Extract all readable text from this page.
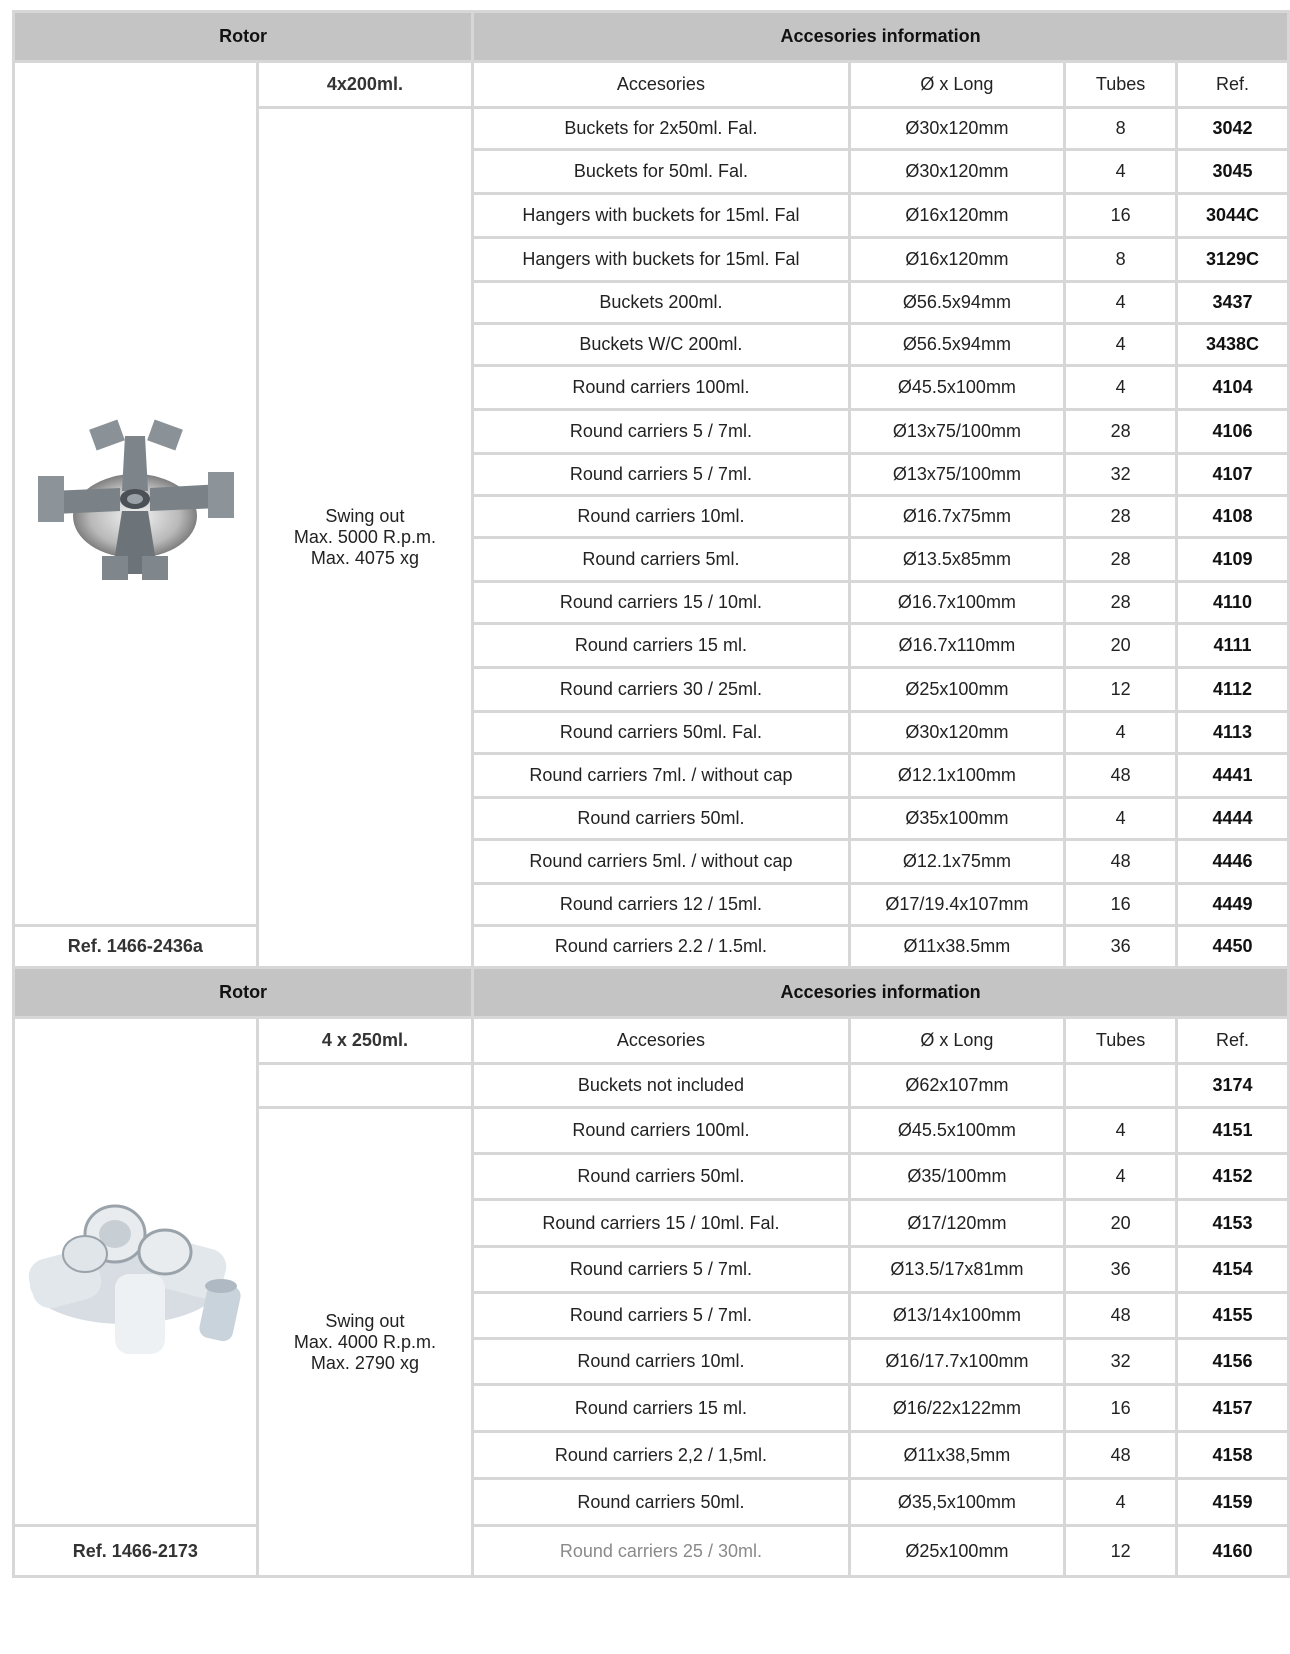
Rotor		Accesories information			
	4x200ml.	Accesories	Ø x Long	Tubes	Ref.

	Swing out
Max. 5000 R.p.m.
Max. 4075 xg	Buckets for 2x50ml. Fal.	Ø30x120mm	8	3042
		Buckets for 50ml. Fal.	Ø30x120mm	4	3045
		Hangers with buckets for 15ml. Fal	Ø16x120mm	16	3044C
		Hangers with buckets for 15ml. Fal	Ø16x120mm	8	3129C
		Buckets 200ml.	Ø56.5x94mm	4	3437
		Buckets W/C 200ml.	Ø56.5x94mm	4	3438C
		Round carriers 100ml.	Ø45.5x100mm	4	4104
		Round carriers 5 / 7ml.	Ø13x75/100mm	28	4106
		Round carriers 5 / 7ml.	Ø13x75/100mm	32	4107
		Round carriers 10ml.	Ø16.7x75mm	28	4108
		Round carriers 5ml.	Ø13.5x85mm	28	4109
		Round carriers 15 / 10ml.	Ø16.7x100mm	28	4110
		Round carriers 15 ml.	Ø16.7x110mm	20	4111
		Round carriers 30 / 25ml.	Ø25x100mm	12	4112
		Round carriers 50ml. Fal.	Ø30x120mm	4	4113
		Round carriers 7ml. / without cap	Ø12.1x100mm	48	4441
		Round carriers 50ml.	Ø35x100mm	4	4444
		Round carriers 5ml. / without cap	Ø12.1x75mm	48	4446
		Round carriers 12 / 15ml.	Ø17/19.4x107mm	16	4449
Ref. 1466-2436a		Round carriers 2.2 / 1.5ml.	Ø11x38.5mm	36	4450
Rotor		Accesories information			
	4 x 250ml.	Accesories	Ø x Long	Tubes	Ref.
		Buckets not included	Ø62x107mm		3174

	Swing out
Max. 4000 R.p.m.
Max. 2790 xg	Round carriers 100ml.	Ø45.5x100mm	4	4151
		Round carriers 50ml.	Ø35/100mm	4	4152
		Round carriers 15 / 10ml. Fal.	Ø17/120mm	20	4153
		Round carriers 5 / 7ml.	Ø13.5/17x81mm	36	4154
		Round carriers 5 / 7ml.	Ø13/14x100mm	48	4155
		Round carriers 10ml.	Ø16/17.7x100mm	32	4156
		Round carriers 15 ml.	Ø16/22x122mm	16	4157
		Round carriers 2,2 / 1,5ml.	Ø11x38,5mm	48	4158
		Round carriers 50ml.	Ø35,5x100mm	4	4159
Ref. 1466-2173		Round carriers 25 / 30ml.	Ø25x100mm	12	4160
